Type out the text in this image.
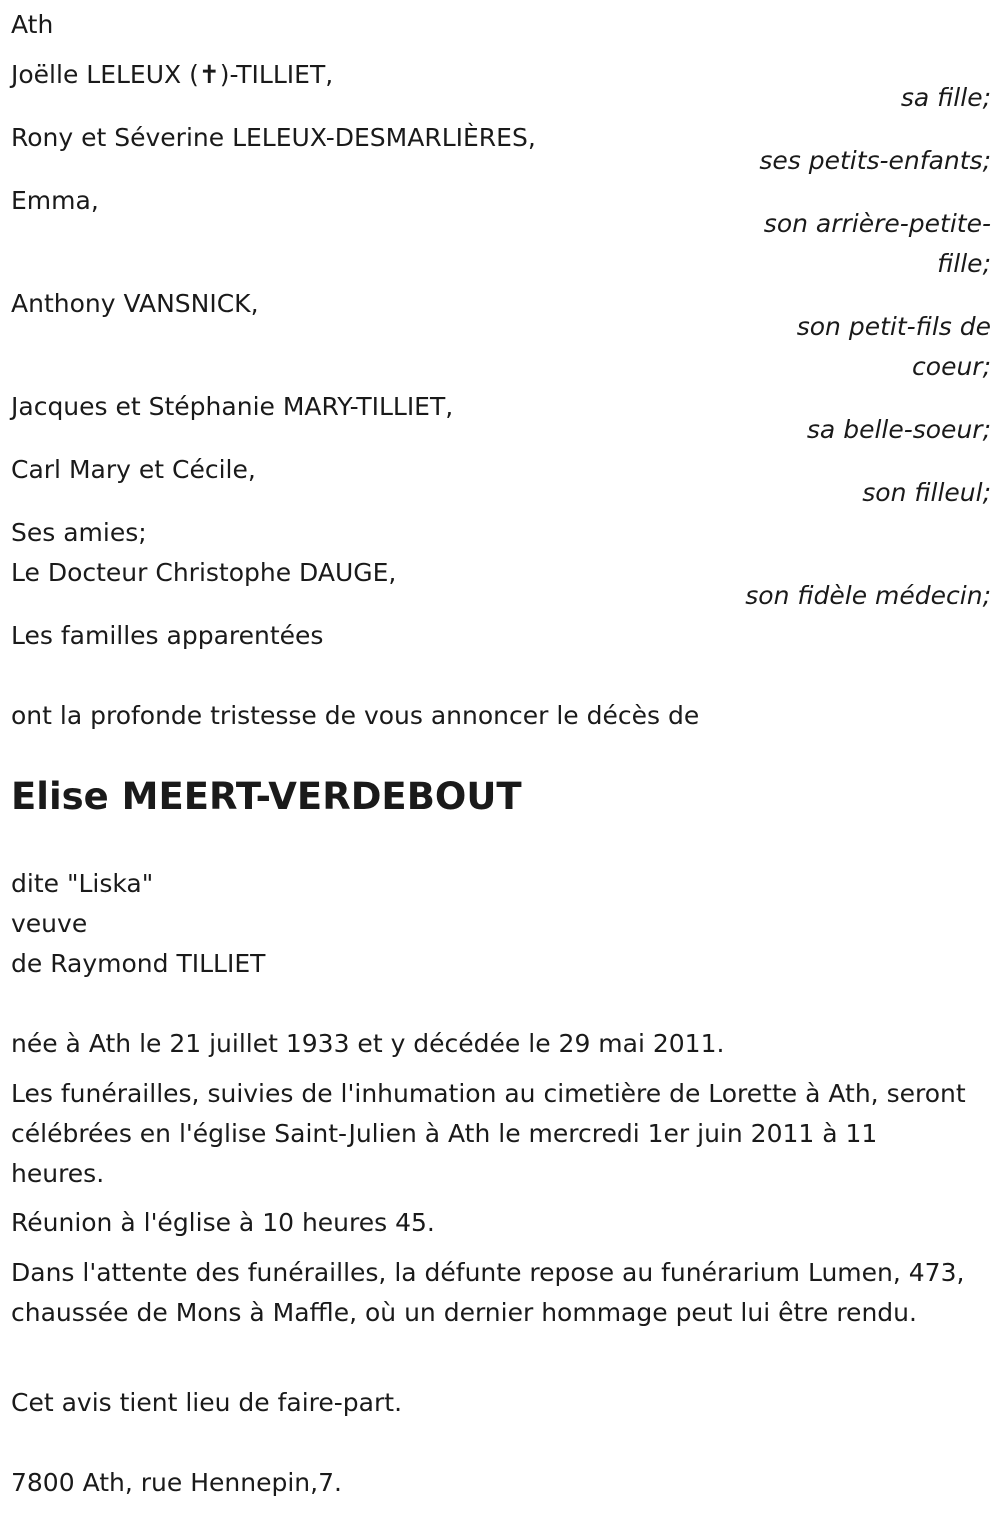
Ath
Joëlle LELEUX (✝)-TILLIET,
sa fille;
Rony et Séverine LELEUX-DESMARLIÈRES,
ses petits-enfants;
Emma,
son arrière-petite-
fille;
Anthony VANSNICK,
son petit-fils de
coeur;
Jacques et Stéphanie MARY-TILLIET,
sa belle-soeur;
Carl Mary et Cécile,
son filleul;
Ses amies;
Le Docteur Christophe DAUGE,
son fidèle médecin;
Les familles apparentées
ont la profonde tristesse de vous annoncer le décès de
Elise MEERT-VERDEBOUT
dite "Liska"
veuve
de Raymond TILLIET
née à Ath le 21 juillet 1933 et y décédée le 29 mai 2011.
Les funérailles, suivies de l'inhumation au cimetière de Lorette à Ath, seront célébrées en l'église Saint-Julien à Ath le mercredi 1er juin 2011 à 11 heures.
Réunion à l'église à 10 heures 45.
Dans l'attente des funérailles, la défunte repose au funérarium Lumen, 473, chaussée de Mons à Maffle, où un dernier hommage peut lui être rendu.
Cet avis tient lieu de faire-part.
7800 Ath, rue Hennepin,7.
